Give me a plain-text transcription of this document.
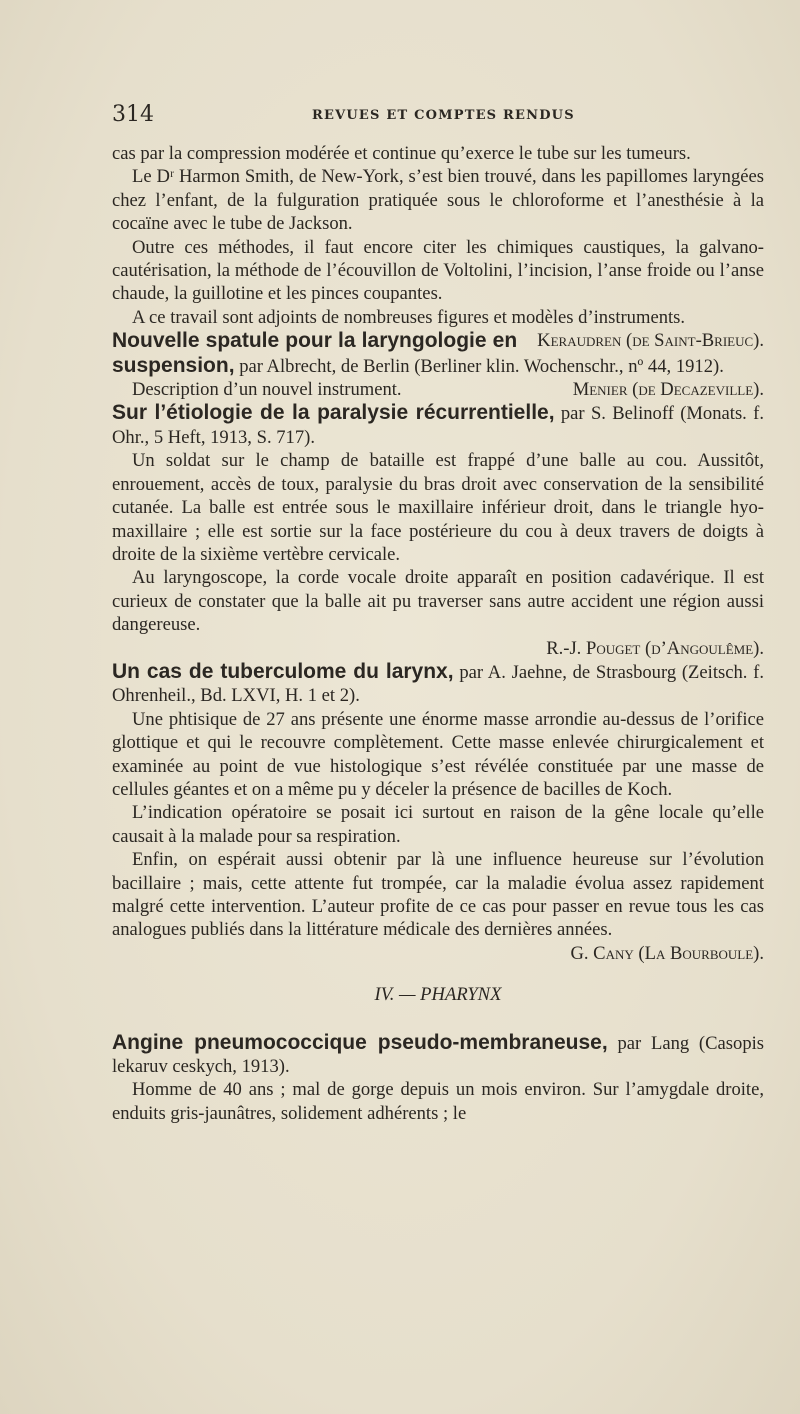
314	REVUES ET COMPTES RENDUS

cas par la compression modérée et continue qu’exerce le tube sur les tumeurs.

Le Dʳ Harmon Smith, de New-York, s’est bien trouvé, dans les papillomes laryngées chez l’enfant, de la fulguration pratiquée sous le chloroforme et l’anesthésie à la cocaïne avec le tube de Jackson.

Outre ces méthodes, il faut encore citer les chimiques caustiques, la galvano-cautérisation, la méthode de l’écouvillon de Voltolini, l’incision, l’anse froide ou l’anse chaude, la guillotine et les pinces coupantes.

A ce travail sont adjoints de nombreuses figures et modèles d’instruments.
Keraudren (de Saint-Brieuc).

Nouvelle spatule pour la laryngologie en suspension, par Albrecht, de Berlin (Berliner klin. Wochenschr., nº 44, 1912).

Description d’un nouvel instrument.	Menier (de Decazeville).

Sur l’étiologie de la paralysie récurrentielle, par S. Belinoff (Monats. f. Ohr., 5 Heft, 1913, S. 717).

Un soldat sur le champ de bataille est frappé d’une balle au cou. Aussitôt, enrouement, accès de toux, paralysie du bras droit avec conservation de la sensibilité cutanée. La balle est entrée sous le maxillaire inférieur droit, dans le triangle hyo-maxillaire ; elle est sortie sur la face postérieure du cou à deux travers de doigts à droite de la sixième vertèbre cervicale.

Au laryngoscope, la corde vocale droite apparaît en position cadavérique. Il est curieux de constater que la balle ait pu traverser sans autre accident une région aussi dangereuse.

R.-J. Pouget (d’Angoulême).

Un cas de tuberculome du larynx, par A. Jaehne, de Strasbourg (Zeitsch. f. Ohrenheil., Bd. LXVI, H. 1 et 2).

Une phtisique de 27 ans présente une énorme masse arrondie au-dessus de l’orifice glottique et qui le recouvre complètement. Cette masse enlevée chirurgicalement et examinée au point de vue histologique s’est révélée constituée par une masse de cellules géantes et on a même pu y déceler la présence de bacilles de Koch.

L’indication opératoire se posait ici surtout en raison de la gêne locale qu’elle causait à la malade pour sa respiration.

Enfin, on espérait aussi obtenir par là une influence heureuse sur l’évolution bacillaire ; mais, cette attente fut trompée, car la maladie évolua assez rapidement malgré cette intervention. L’auteur profite de ce cas pour passer en revue tous les cas analogues publiés dans la littérature médicale des dernières années.

G. Cany (La Bourboule).

IV. — PHARYNX

Angine pneumococcique pseudo-membraneuse, par Lang (Casopis lekaruv ceskych, 1913).

Homme de 40 ans ; mal de gorge depuis un mois environ. Sur l’amygdale droite, enduits gris-jaunâtres, solidement adhérents ; le
